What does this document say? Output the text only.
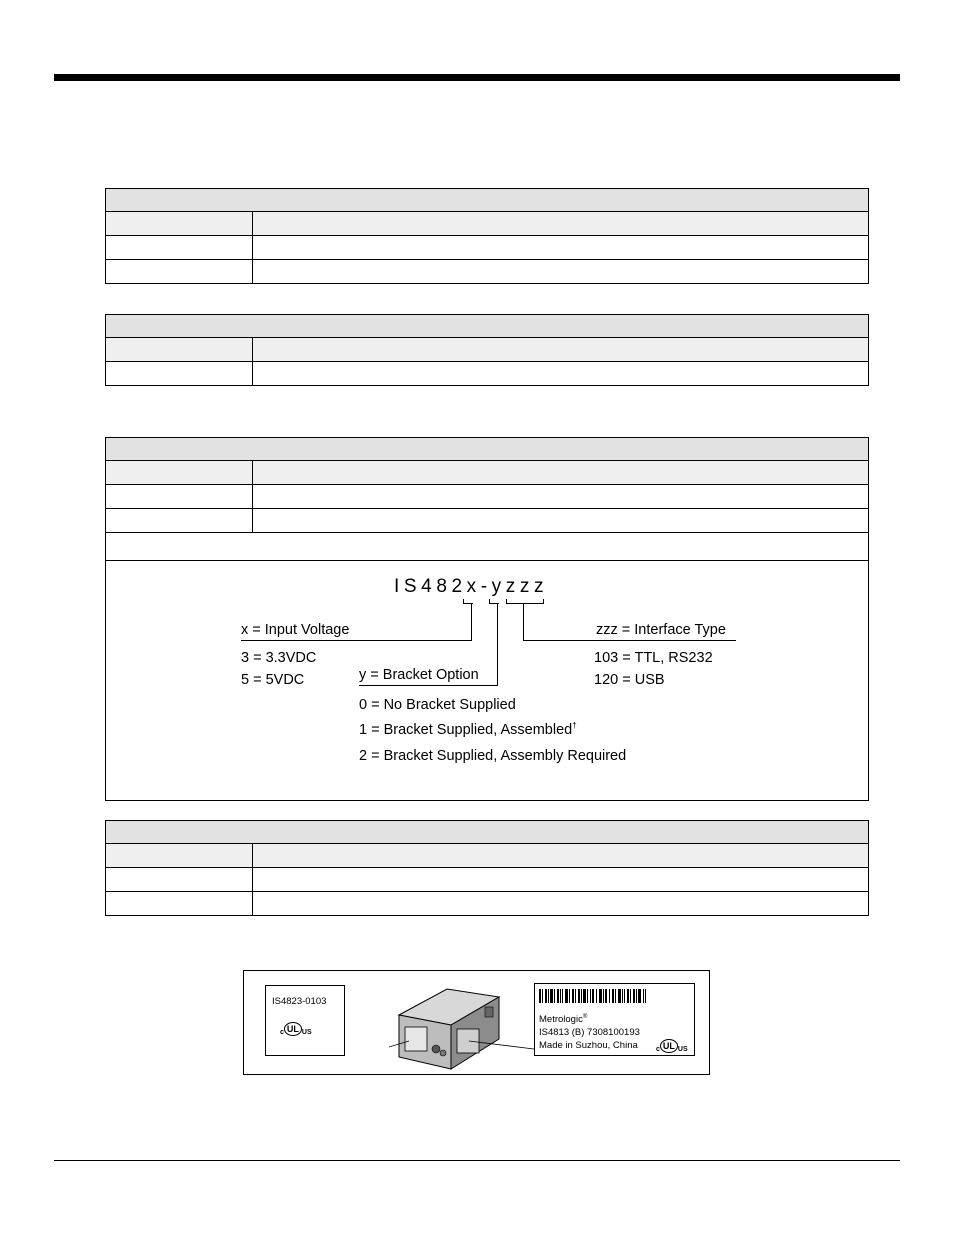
IS482x-yzzz
x = Input Voltage
3 = 3.3VDC
5 = 5VDC	y = Bracket Option
0 = No Bracket Supplied
1 = Bracket Supplied, Assembled†
2 = Bracket Supplied, Assembly Required
zzz = Interface Type
103 = TTL, RS232
120 = USB
IS4823-0103
c UL US
Metrologic®
IS4813 (B) 7308100193
Made in Suzhou, China	c UL US
